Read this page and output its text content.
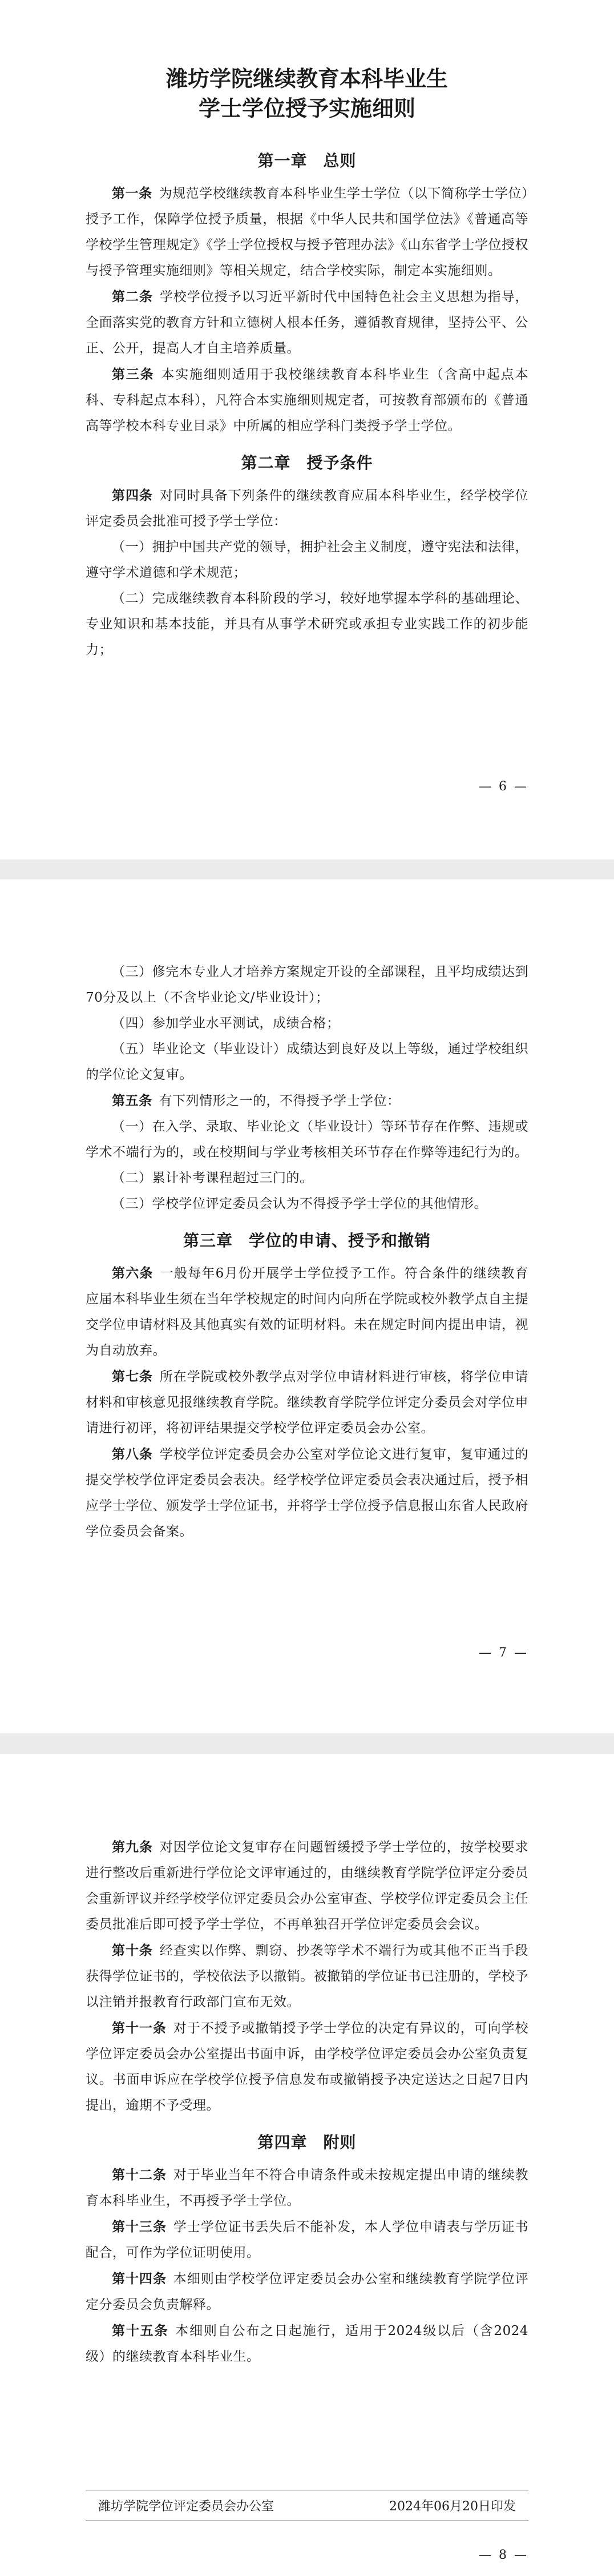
潍坊学院继续教育本科毕业生
学士学位授予实施细则
第一章 总则

第一条 为规范学校继续教育本科毕业生学士学位（以下简称学士学位）授予工作，保障学位授予质量，根据《中华人民共和国学位法》《普通高等学校学生管理规定》《学士学位授权与授予管理办法》《山东省学士学位授权与授予管理实施细则》等相关规定，结合学校实际，制定本实施细则。

第二条 学校学位授予以习近平新时代中国特色社会主义思想为指导，全面落实党的教育方针和立德树人根本任务，遵循教育规律，坚持公平、公正、公开，提高人才自主培养质量。

第三条 本实施细则适用于我校继续教育本科毕业生（含高中起点本科、专科起点本科），凡符合本实施细则规定者，可按教育部颁布的《普通高等学校本科专业目录》中所属的相应学科门类授予学士学位。

第二章 授予条件

第四条 对同时具备下列条件的继续教育应届本科毕业生，经学校学位评定委员会批准可授予学士学位：

（一）拥护中国共产党的领导，拥护社会主义制度，遵守宪法和法律，遵守学术道德和学术规范；

（二）完成继续教育本科阶段的学习，较好地掌握本学科的基础理论、专业知识和基本技能，并具有从事学术研究或承担专业实践工作的初步能力；

— 6 —

（三）修完本专业人才培养方案规定开设的全部课程，且平均成绩达到70分及以上（不含毕业论文/毕业设计）；

（四）参加学业水平测试，成绩合格；

（五）毕业论文（毕业设计）成绩达到良好及以上等级，通过学校组织的学位论文复审。

第五条 有下列情形之一的，不得授予学士学位：

（一）在入学、录取、毕业论文（毕业设计）等环节存在作弊、违规或学术不端行为的，或在校期间与学业考核相关环节存在作弊等违纪行为的。

（二）累计补考课程超过三门的。

（三）学校学位评定委员会认为不得授予学士学位的其他情形。

第三章 学位的申请、授予和撤销

第六条 一般每年6月份开展学士学位授予工作。符合条件的继续教育应届本科毕业生须在当年学校规定的时间内向所在学院或校外教学点自主提交学位申请材料及其他真实有效的证明材料。未在规定时间内提出申请，视为自动放弃。

第七条 所在学院或校外教学点对学位申请材料进行审核，将学位申请材料和审核意见报继续教育学院。继续教育学院学位评定分委员会对学位申请进行初评，将初评结果提交学校学位评定委员会办公室。

第八条 学校学位评定委员会办公室对学位论文进行复审，复审通过的提交学校学位评定委员会表决。经学校学位评定委员会表决通过后，授予相应学士学位、颁发学士学位证书，并将学士学位授予信息报山东省人民政府学位委员会备案。

— 7 —

第九条 对因学位论文复审存在问题暂缓授予学士学位的，按学校要求进行整改后重新进行学位论文评审通过的，由继续教育学院学位评定分委员会重新评议并经学校学位评定委员会办公室审查、学校学位评定委员会主任委员批准后即可授予学士学位，不再单独召开学位评定委员会会议。

第十条 经查实以作弊、剽窃、抄袭等学术不端行为或其他不正当手段获得学位证书的，学校依法予以撤销。被撤销的学位证书已注册的，学校予以注销并报教育行政部门宣布无效。

第十一条 对于不授予或撤销授予学士学位的决定有异议的，可向学校学位评定委员会办公室提出书面申诉，由学校学位评定委员会办公室负责复议。书面申诉应在学校学位授予信息发布或撤销授予决定送达之日起7日内提出，逾期不予受理。

第四章 附则

第十二条 对于毕业当年不符合申请条件或未按规定提出申请的继续教育本科毕业生，不再授予学士学位。

第十三条 学士学位证书丢失后不能补发，本人学位申请表与学历证书配合，可作为学位证明使用。

第十四条 本细则由学校学位评定委员会办公室和继续教育学院学位评定分委员会负责解释。

第十五条 本细则自公布之日起施行，适用于2024级以后（含2024级）的继续教育本科毕业生。

潍坊学院学位评定委员会办公室	2024年06月20日印发
— 8 —
